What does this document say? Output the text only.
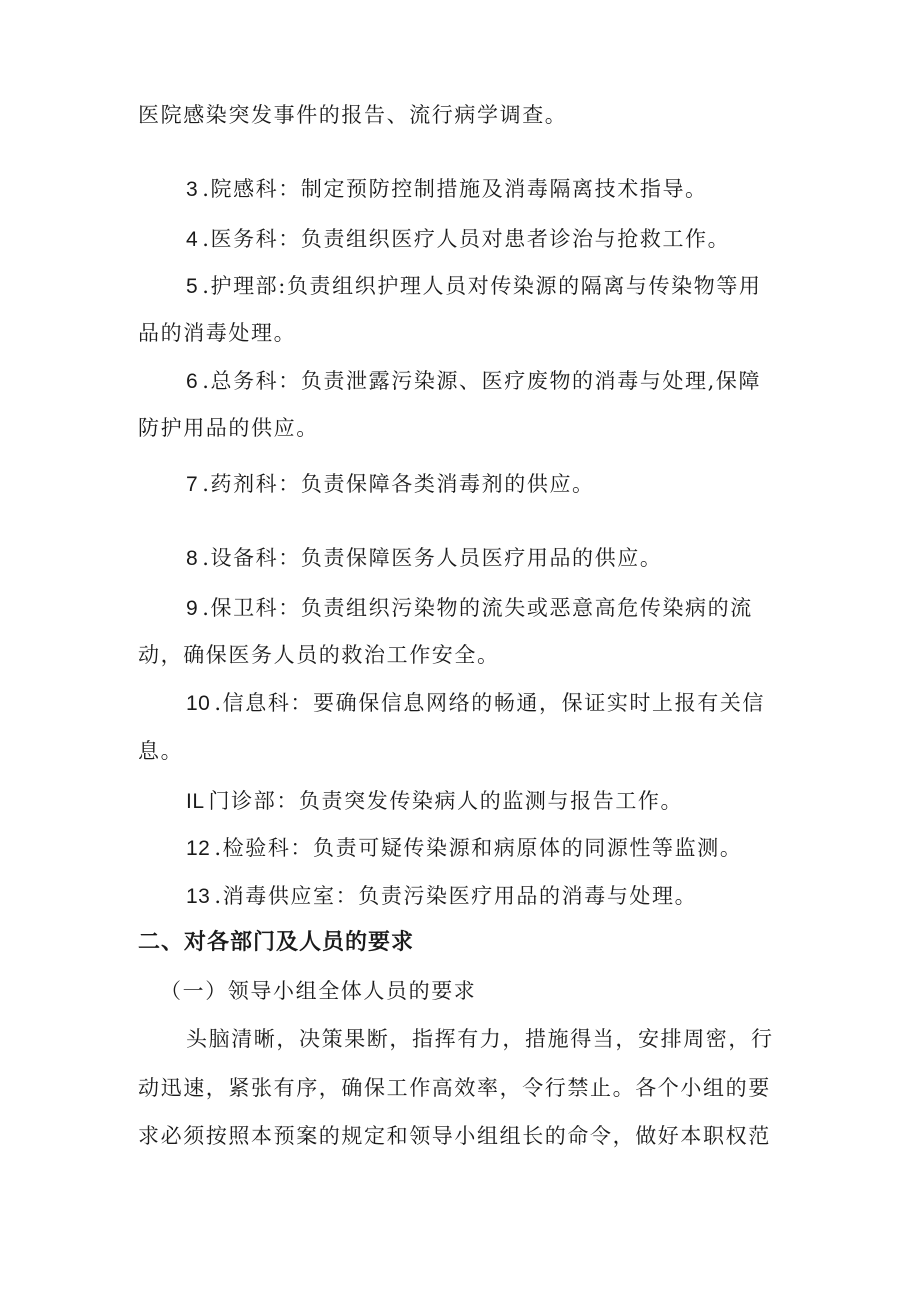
医院感染突发事件的报告、流行病学调查。
3 .院感科：制定预防控制措施及消毒隔离技术指导。
4 .医务科：负责组织医疗人员对患者诊治与抢救工作。
5 .护理部:负责组织护理人员对传染源的隔离与传染物等用
品的消毒处理。
6 .总务科：负责泄露污染源、医疗废物的消毒与处理,保障
防护用品的供应。
7 .药剂科：负责保障各类消毒剂的供应。
8 .设备科：负责保障医务人员医疗用品的供应。
9 .保卫科：负责组织污染物的流失或恶意高危传染病的流
动，确保医务人员的救治工作安全。
10 .信息科：要确保信息网络的畅通，保证实时上报有关信
息。
IL 门诊部：负责突发传染病人的监测与报告工作。
12 .检验科：负责可疑传染源和病原体的同源性等监测。
13 .消毒供应室：负责污染医疗用品的消毒与处理。
二、对各部门及人员的要求
（一）领导小组全体人员的要求
头脑清晰，决策果断，指挥有力，措施得当，安排周密，行
动迅速，紧张有序，确保工作高效率，令行禁止。各个小组的要
求必须按照本预案的规定和领导小组组长的命令，做好本职权范
